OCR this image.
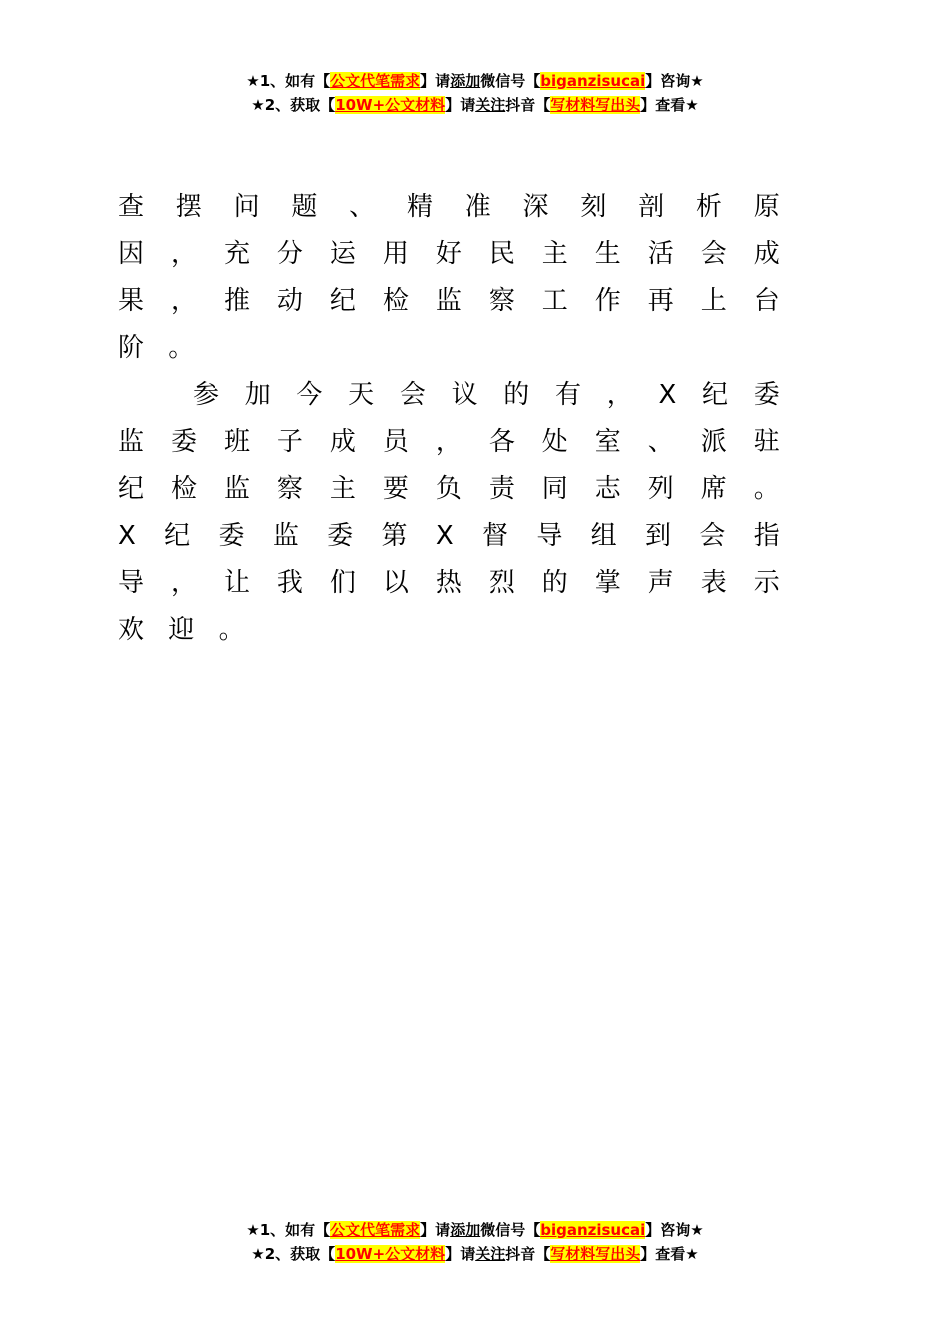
★1、如有【公文代笔需求】请添加微信号【biganzisucai】咨询★
★2、获取【10W+公文材料】请关注抖音【写材料写出头】查看★

查摆问题、精准深刻剖析原因，充分运用好民主生活会成果，推动纪检监察工作再上台阶。

参加今天会议的有，X纪委监委班子成员，各处室、派驻纪检监察主要负责同志列席。X纪委监委第X督导组到会指导，让我们以热烈的掌声表示欢迎。

★1、如有【公文代笔需求】请添加微信号【biganzisucai】咨询★
★2、获取【10W+公文材料】请关注抖音【写材料写出头】查看★
